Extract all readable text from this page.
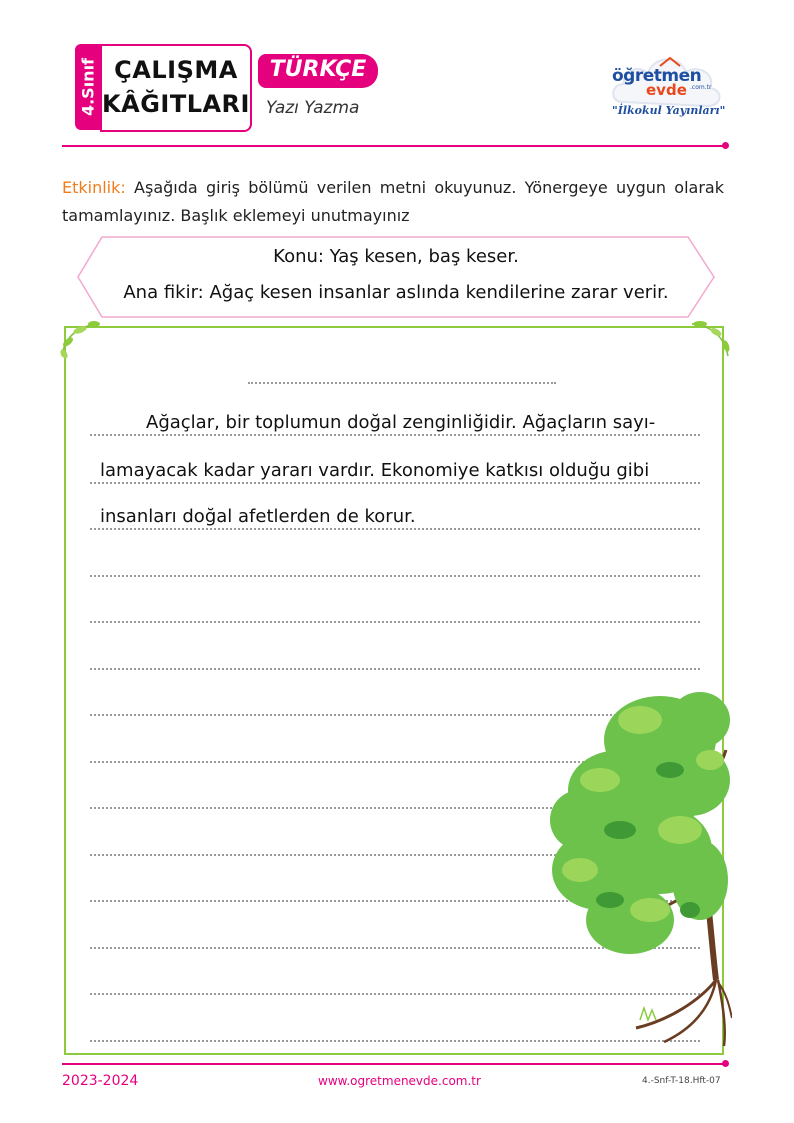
4.Sınıf ÇALIŞMA
KÂĞITLARI
TÜRKÇE
Yazı Yazma
öğretmen
evde .com.tr
"İlkokul Yayınları"
Etkinlik: Aşağıda giriş bölümü verilen metni okuyunuz. Yönergeye uygun olarak tamamlayınız. Başlık eklemeyi unutmayınız
Konu: Yaş kesen, baş keser.
Ana fikir: Ağaç kesen insanlar aslında kendilerine zarar verir.
Ağaçlar, bir toplumun doğal zenginliğidir. Ağaçların sayı-
lamayacak kadar yararı vardır. Ekonomiye katkısı olduğu gibi
insanları doğal afetlerden de korur.
2023-2024	www.ogretmenevde.com.tr	4.-Snf-T-18.Hft-07
